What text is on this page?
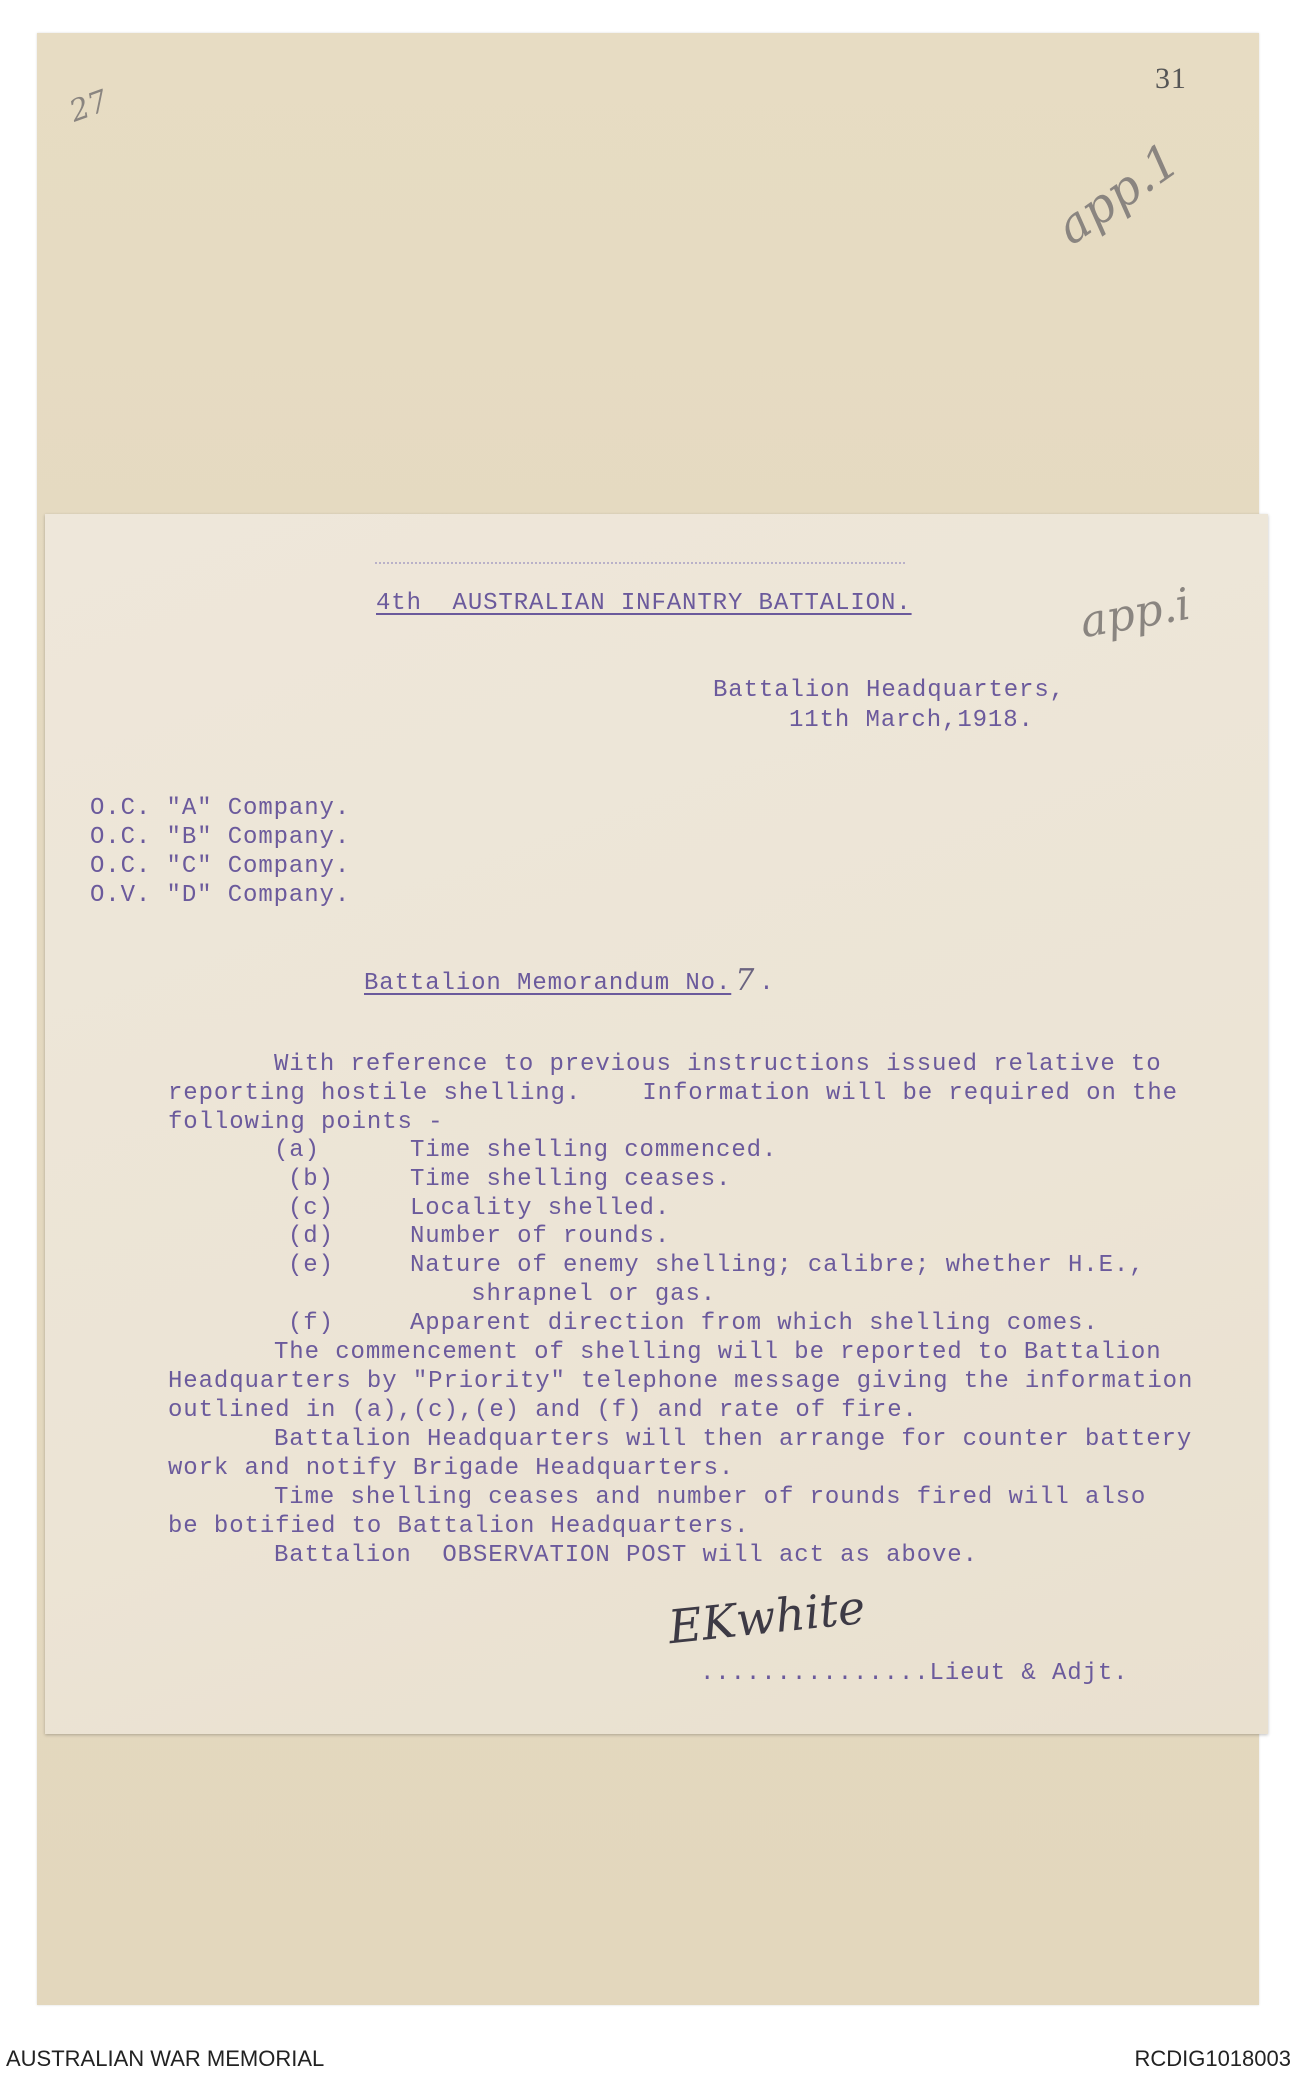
27
31
app.1
4th  AUSTRALIAN INFANTRY BATTALION.	app.i
Battalion Headquarters,
11th March,1918.
O.C. "A" Company.
O.C. "B" Company.
O.C. "C" Company.
O.V. "D" Company.
Battalion Memorandum No. 7 .
With reference to previous instructions issued relative to
reporting hostile shelling.    Information will be required on the
following points -
(a)	Time shelling commenced.
(b)	Time shelling ceases.
(c)	Locality shelled.
(d)	Number of rounds.
(e)	Nature of enemy shelling; calibre; whether H.E.,
shrapnel or gas.
(f)	Apparent direction from which shelling comes.
The commencement of shelling will be reported to Battalion
Headquarters by "Priority" telephone message giving the information
outlined in (a),(c),(e) and (f) and rate of fire.
Battalion Headquarters will then arrange for counter battery
work and notify Brigade Headquarters.
Time shelling ceases and number of rounds fired will also
be botified to Battalion Headquarters.
Battalion  OBSERVATION POST will act as above.
EKwhite
...............Lieut & Adjt.
AUSTRALIAN WAR MEMORIAL	RCDIG1018003
